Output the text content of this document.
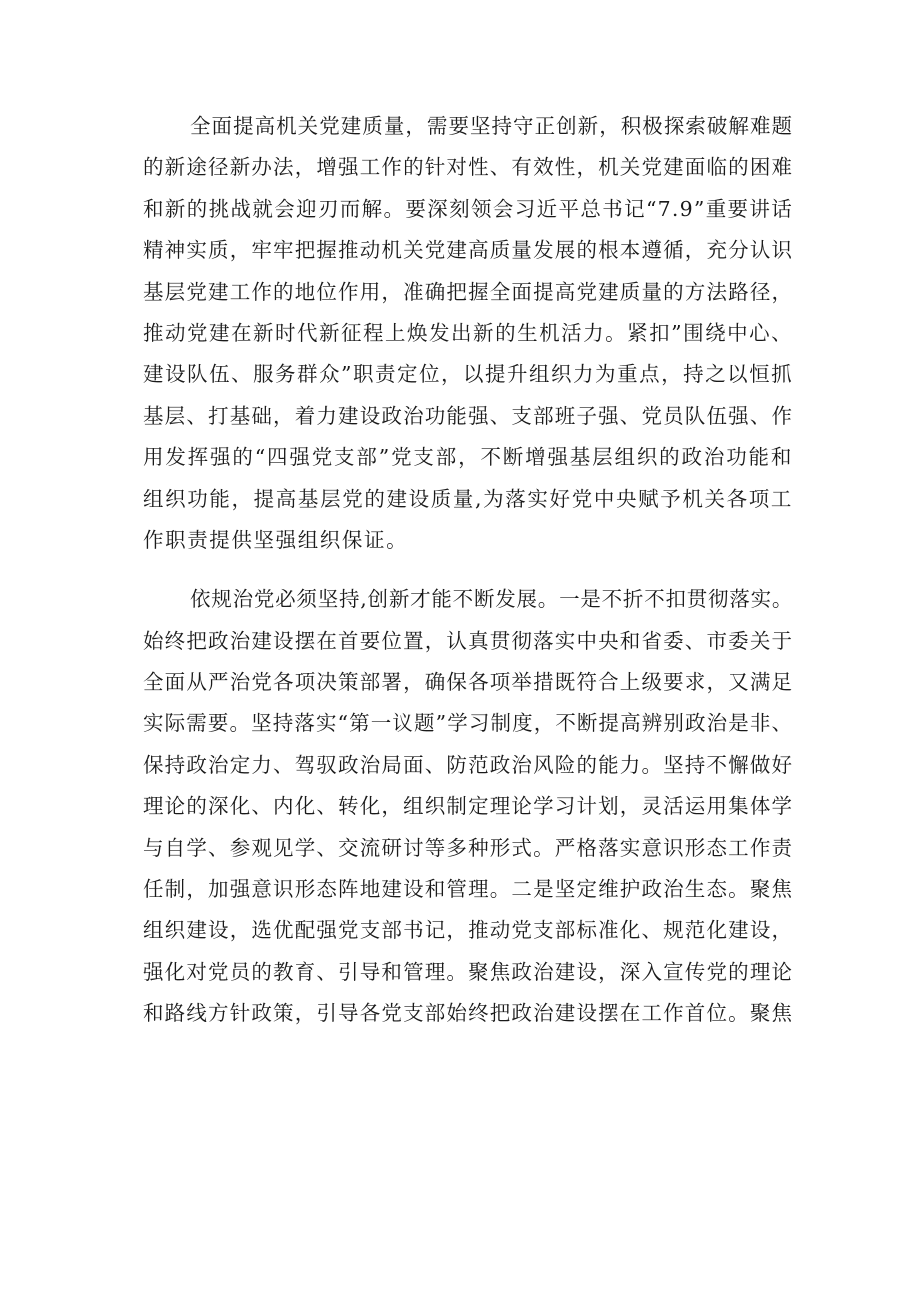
全面提高机关党建质量，需要坚持守正创新，积极探索破解难题
的新途径新办法，增强工作的针对性、有效性，机关党建面临的困难
和新的挑战就会迎刃而解。要深刻领会习近平总书记“7.9”重要讲话
精神实质，牢牢把握推动机关党建高质量发展的根本遵循，充分认识
基层党建工作的地位作用，准确把握全面提高党建质量的方法路径，
推动党建在新时代新征程上焕发出新的生机活力。紧扣”围绕中心、
建设队伍、服务群众”职责定位，以提升组织力为重点，持之以恒抓
基层、打基础，着力建设政治功能强、支部班子强、党员队伍强、作
用发挥强的“四强党支部”党支部，不断增强基层组织的政治功能和
组织功能，提高基层党的建设质量,为落实好党中央赋予机关各项工
作职责提供坚强组织保证。
依规治党必须坚持,创新才能不断发展。一是不折不扣贯彻落实。
始终把政治建设摆在首要位置，认真贯彻落实中央和省委、市委关于
全面从严治党各项决策部署，确保各项举措既符合上级要求，又满足
实际需要。坚持落实“第一议题”学习制度，不断提高辨别政治是非、
保持政治定力、驾驭政治局面、防范政治风险的能力。坚持不懈做好
理论的深化、内化、转化，组织制定理论学习计划，灵活运用集体学
与自学、参观见学、交流研讨等多种形式。严格落实意识形态工作责
任制，加强意识形态阵地建设和管理。二是坚定维护政治生态。聚焦
组织建设，选优配强党支部书记，推动党支部标准化、规范化建设，
强化对党员的教育、引导和管理。聚焦政治建设，深入宣传党的理论
和路线方针政策，引导各党支部始终把政治建设摆在工作首位。聚焦
